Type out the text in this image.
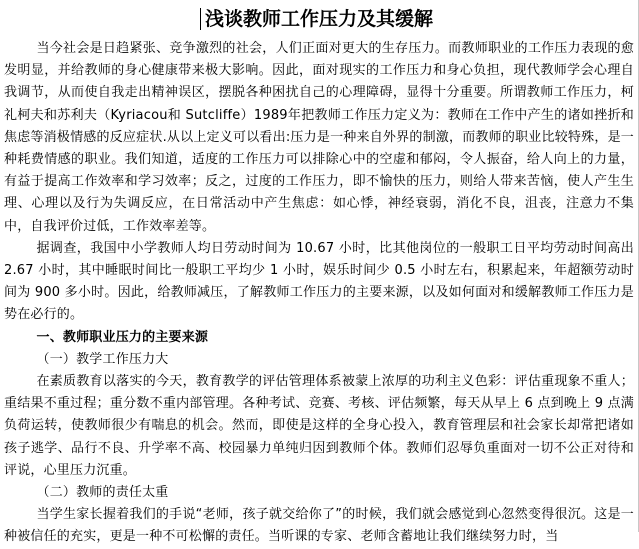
浅谈教师工作压力及其缓解

当今社会是日趋紧张、竞争激烈的社会，人们正面对更大的生存压力。而教师职业的工作压力表现的愈发明显，并给教师的身心健康带来极大影响。因此，面对现实的工作压力和身心负担，现代教师学会心理自我调节，从而使自我走出精神误区，摆脱各种困扰自己的心理障碍，显得十分重要。所谓教师工作压力，柯礼柯夫和苏利夫（Kyriacou和 Sutcliffe）1989年把教师工作压力定义为：教师在工作中产生的诸如挫折和焦虑等消极情感的反应症状.从以上定义可以看出:压力是一种来自外界的制激，而教师的职业比较特殊，是一种耗费情感的职业。我们知道，适度的工作压力可以排除心中的空虚和郁闷，令人振奋，给人向上的力量，有益于提高工作效率和学习效率；反之，过度的工作压力，即不愉快的压力，则给人带来苦恼，使人产生生理、心理以及行为失调反应，在日常活动中产生焦虑：如心悸，神经衰弱，消化不良，沮丧，注意力不集中，自我评价过低，工作效率差等。

据调查，我国中小学教师人均日劳动时间为 10.67 小时，比其他岗位的一般职工日平均劳动时间高出 2.67 小时，其中睡眠时间比一般职工平均少 1 小时，娱乐时间少 0.5 小时左右，积累起来，年超额劳动时间为 900 多小时。因此，给教师减压，了解教师工作压力的主要来源，以及如何面对和缓解教师工作压力是势在必行的。

一、教师职业压力的主要来源

（一）教学工作压力大

在素质教育以落实的今天，教育教学的评估管理体系被蒙上浓厚的功利主义色彩：评估重现象不重人；重结果不重过程；重分数不重内部管理。各种考试、竞赛、考核、评估频繁，每天从早上 6 点到晚上 9 点满负荷运转，使教师很少有喘息的机会。然而，即使是这样的全身心投入，教育管理层和社会家长却常把诸如孩子逃学、品行不良、升学率不高、校园暴力单纯归因到教师个体。教师们忍辱负重面对一切不公正对待和评说，心里压力沉重。

（二）教师的责任太重

当学生家长握着我们的手说“老师，孩子就交给你了”的时候，我们就会感觉到心忽然变得很沉。这是一种被信任的充实，更是一种不可松懈的责任。当听课的专家、老师含蓄地让我们继续努力时，当
